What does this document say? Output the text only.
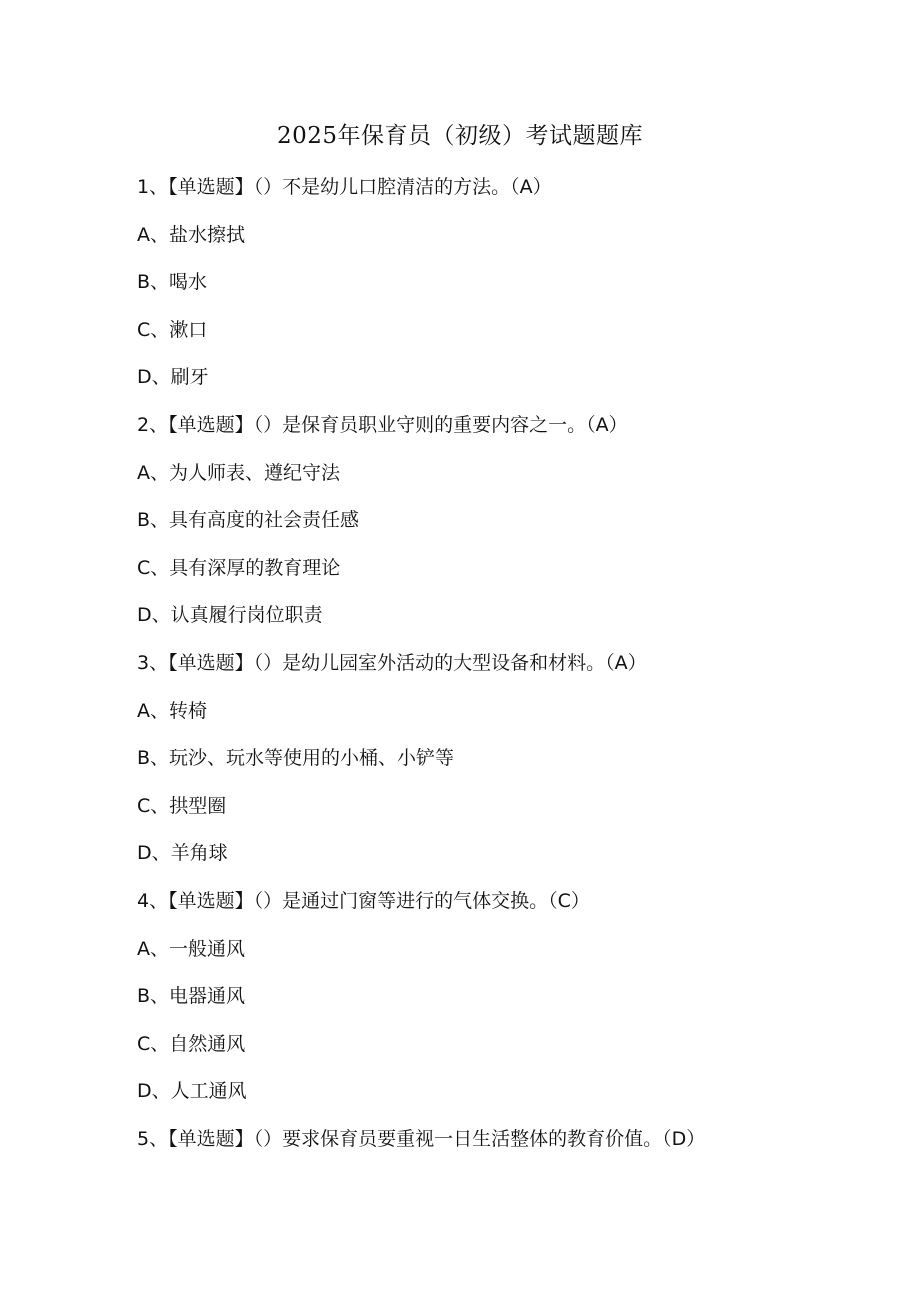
2025年保育员（初级）考试题题库
1、【单选题】（）不是幼儿口腔清洁的方法。（A）
A、盐水擦拭
B、喝水
C、漱口
D、刷牙
2、【单选题】（）是保育员职业守则的重要内容之一。（A）
A、为人师表、遵纪守法
B、具有高度的社会责任感
C、具有深厚的教育理论
D、认真履行岗位职责
3、【单选题】（）是幼儿园室外活动的大型设备和材料。（A）
A、转椅
B、玩沙、玩水等使用的小桶、小铲等
C、拱型圈
D、羊角球
4、【单选题】（）是通过门窗等进行的气体交换。（C）
A、一般通风
B、电器通风
C、自然通风
D、人工通风
5、【单选题】（）要求保育员要重视一日生活整体的教育价值。（D）
